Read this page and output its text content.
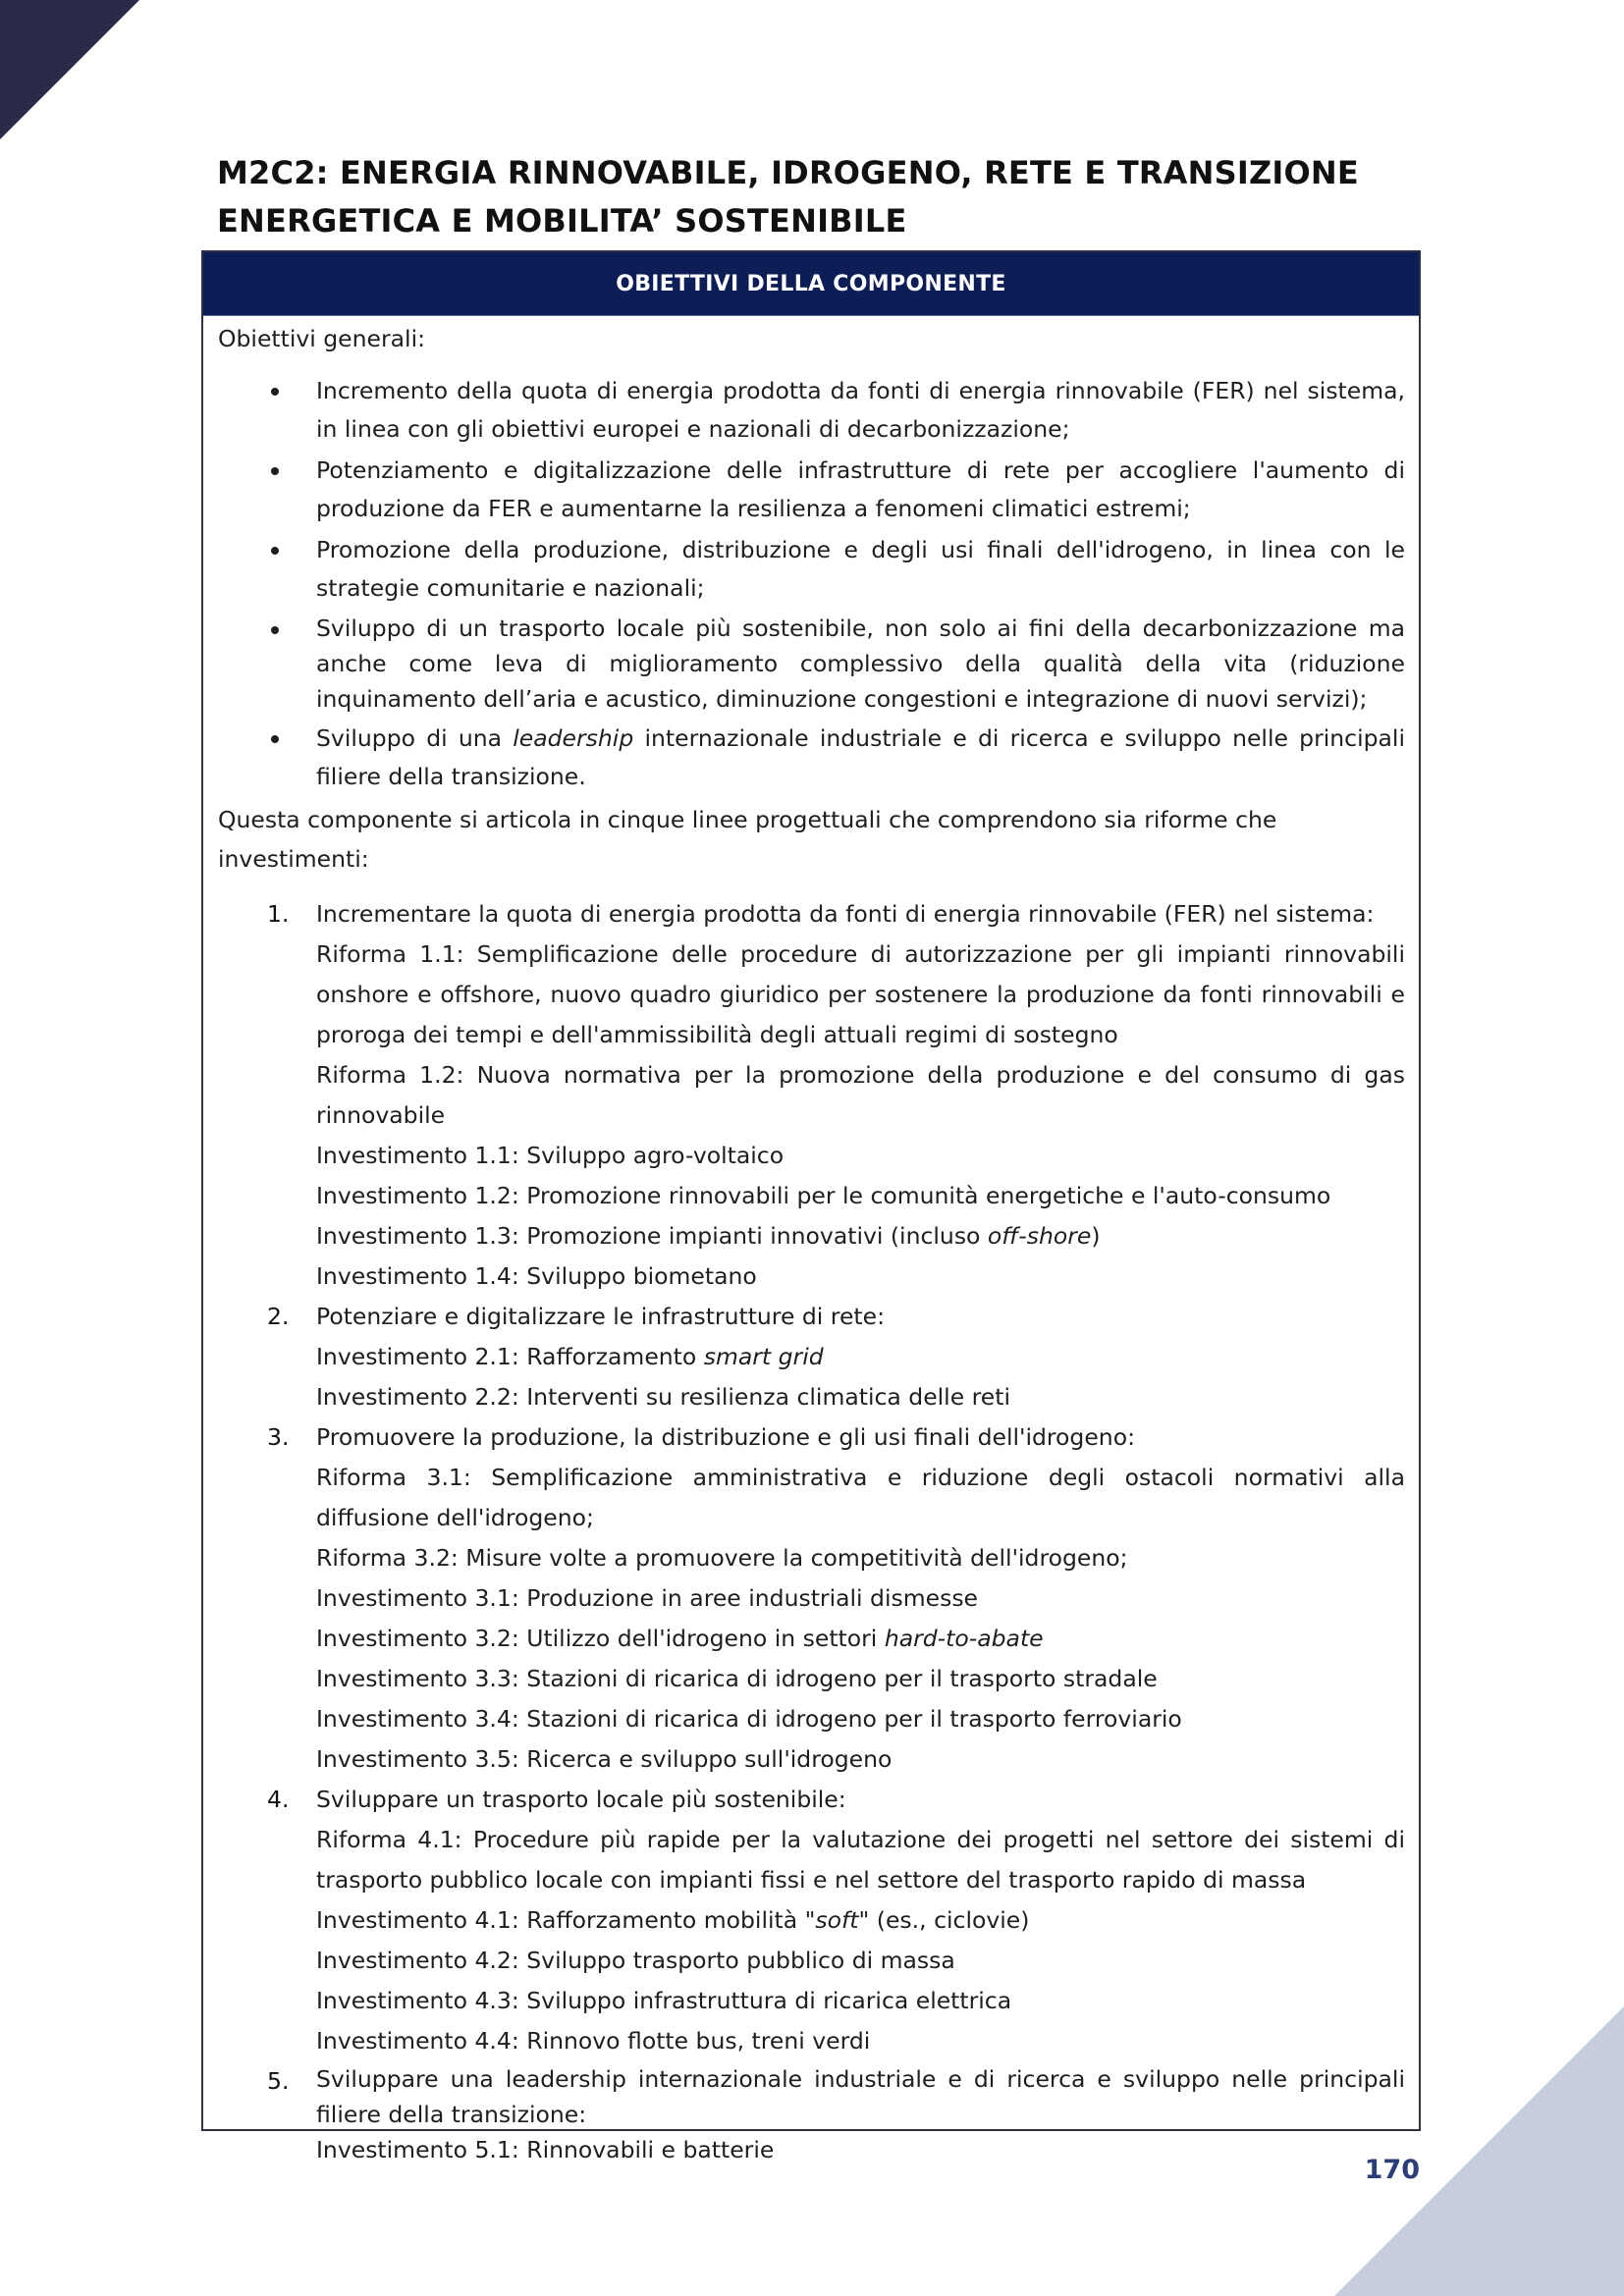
M2C2: ENERGIA RINNOVABILE, IDROGENO, RETE E TRANSIZIONE ENERGETICA E MOBILITA’ SOSTENIBILE
OBIETTIVI DELLA COMPONENTE
Obiettivi generali:
Incremento della quota di energia prodotta da fonti di energia rinnovabile (FER) nel sistema, in linea con gli obiettivi europei e nazionali di decarbonizzazione;
Potenziamento e digitalizzazione delle infrastrutture di rete per accogliere l'aumento di produzione da FER e aumentarne la resilienza a fenomeni climatici estremi;
Promozione della produzione, distribuzione e degli usi finali dell'idrogeno, in linea con le strategie comunitarie e nazionali;
Sviluppo di un trasporto locale più sostenibile, non solo ai fini della decarbonizzazione ma anche come leva di miglioramento complessivo della qualità della vita (riduzione inquinamento dell’aria e acustico, diminuzione congestioni e integrazione di nuovi servizi);
Sviluppo di una leadership internazionale industriale e di ricerca e sviluppo nelle principali filiere della transizione.
Questa componente si articola in cinque linee progettuali che comprendono sia riforme che investimenti:
1. Incrementare la quota di energia prodotta da fonti di energia rinnovabile (FER) nel sistema:
Riforma 1.1: Semplificazione delle procedure di autorizzazione per gli impianti rinnovabili onshore e offshore, nuovo quadro giuridico per sostenere la produzione da fonti rinnovabili e proroga dei tempi e dell'ammissibilità degli attuali regimi di sostegno
Riforma 1.2: Nuova normativa per la promozione della produzione e del consumo di gas rinnovabile
Investimento 1.1: Sviluppo agro-voltaico
Investimento 1.2: Promozione rinnovabili per le comunità energetiche e l'auto-consumo
Investimento 1.3: Promozione impianti innovativi (incluso off-shore)
Investimento 1.4: Sviluppo biometano
2. Potenziare e digitalizzare le infrastrutture di rete:
Investimento 2.1: Rafforzamento smart grid
Investimento 2.2: Interventi su resilienza climatica delle reti
3. Promuovere la produzione, la distribuzione e gli usi finali dell'idrogeno:
Riforma 3.1: Semplificazione amministrativa e riduzione degli ostacoli normativi alla diffusione dell'idrogeno;
Riforma 3.2: Misure volte a promuovere la competitività dell'idrogeno;
Investimento 3.1: Produzione in aree industriali dismesse
Investimento 3.2: Utilizzo dell'idrogeno in settori hard-to-abate
Investimento 3.3: Stazioni di ricarica di idrogeno per il trasporto stradale
Investimento 3.4: Stazioni di ricarica di idrogeno per il trasporto ferroviario
Investimento 3.5: Ricerca e sviluppo sull'idrogeno
4. Sviluppare un trasporto locale più sostenibile:
Riforma 4.1: Procedure più rapide per la valutazione dei progetti nel settore dei sistemi di trasporto pubblico locale con impianti fissi e nel settore del trasporto rapido di massa
Investimento 4.1: Rafforzamento mobilità "soft" (es., ciclovie)
Investimento 4.2: Sviluppo trasporto pubblico di massa
Investimento 4.3: Sviluppo infrastruttura di ricarica elettrica
Investimento 4.4: Rinnovo flotte bus, treni verdi
5. Sviluppare una leadership internazionale industriale e di ricerca e sviluppo nelle principali filiere della transizione:
Investimento 5.1: Rinnovabili e batterie
170
